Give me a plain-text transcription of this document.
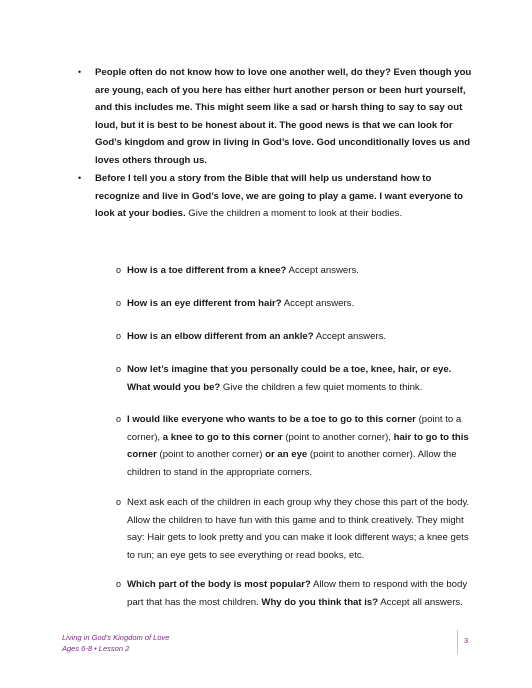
• People often do not know how to love one another well, do they? Even though you are young, each of you here has either hurt another person or been hurt yourself, and this includes me. This might seem like a sad or harsh thing to say to say out loud, but it is best to be honest about it. The good news is that we can look for God’s kingdom and grow in living in God’s love. God unconditionally loves us and loves others through us.
• Before I tell you a story from the Bible that will help us understand how to recognize and live in God’s love, we are going to play a game. I want everyone to look at your bodies. Give the children a moment to look at their bodies.
o How is a toe different from a knee? Accept answers.
o How is an eye different from hair? Accept answers.
o How is an elbow different from an ankle? Accept answers.
o Now let’s imagine that you personally could be a toe, knee, hair, or eye. What would you be? Give the children a few quiet moments to think.
o I would like everyone who wants to be a toe to go to this corner (point to a corner), a knee to go to this corner (point to another corner), hair to go to this corner (point to another corner) or an eye (point to another corner). Allow the children to stand in the appropriate corners.
o Next ask each of the children in each group why they chose this part of the body. Allow the children to have fun with this game and to think creatively. They might say: Hair gets to look pretty and you can make it look different ways; a knee gets to run; an eye gets to see everything or read books, etc.
o Which part of the body is most popular? Allow them to respond with the body part that has the most children. Why do you think that is? Accept all answers.
Living in God’s Kingdom of Love
Ages 6-8 • Lesson 2
3
